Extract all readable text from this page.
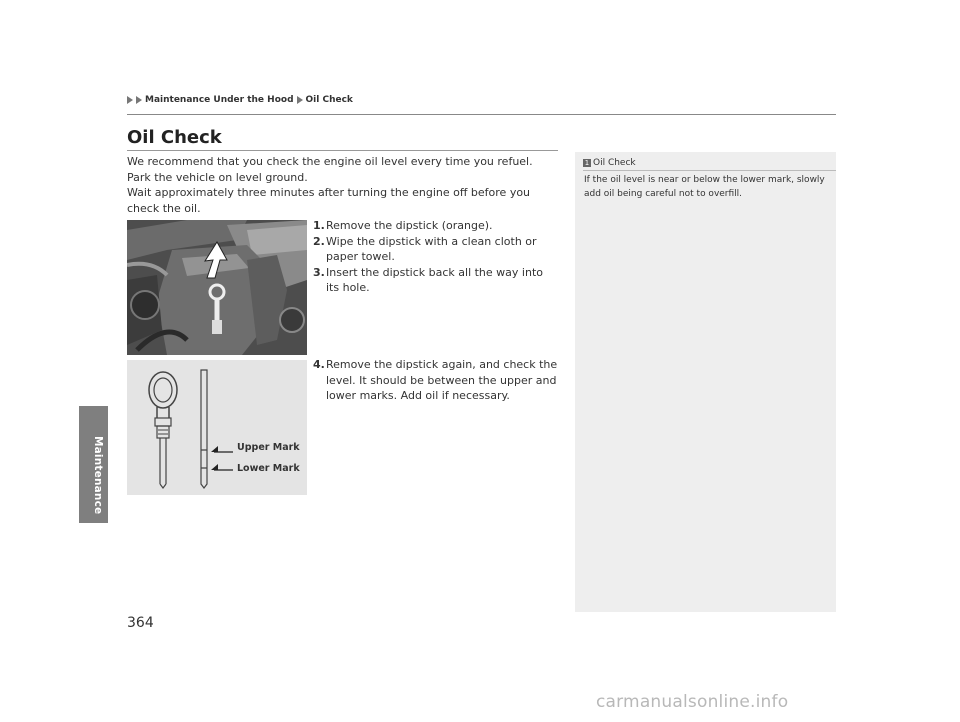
Maintenance
Maintenance Under the Hood Oil Check
Oil Check

We recommend that you check the engine oil level every time you refuel.

Park the vehicle on level ground.

Wait approximately three minutes after turning the engine off before you check the oil.

1. Remove the dipstick (orange).
2. Wipe the dipstick with a clean cloth or paper towel.
3. Insert the dipstick back all the way into its hole.
Upper Mark
Lower Mark
4. Remove the dipstick again, and check the level. It should be between the upper and lower marks. Add oil if necessary.
1 Oil Check
If the oil level is near or below the lower mark, slowly add oil being careful not to overfill.
364
carmanualsonline.info
